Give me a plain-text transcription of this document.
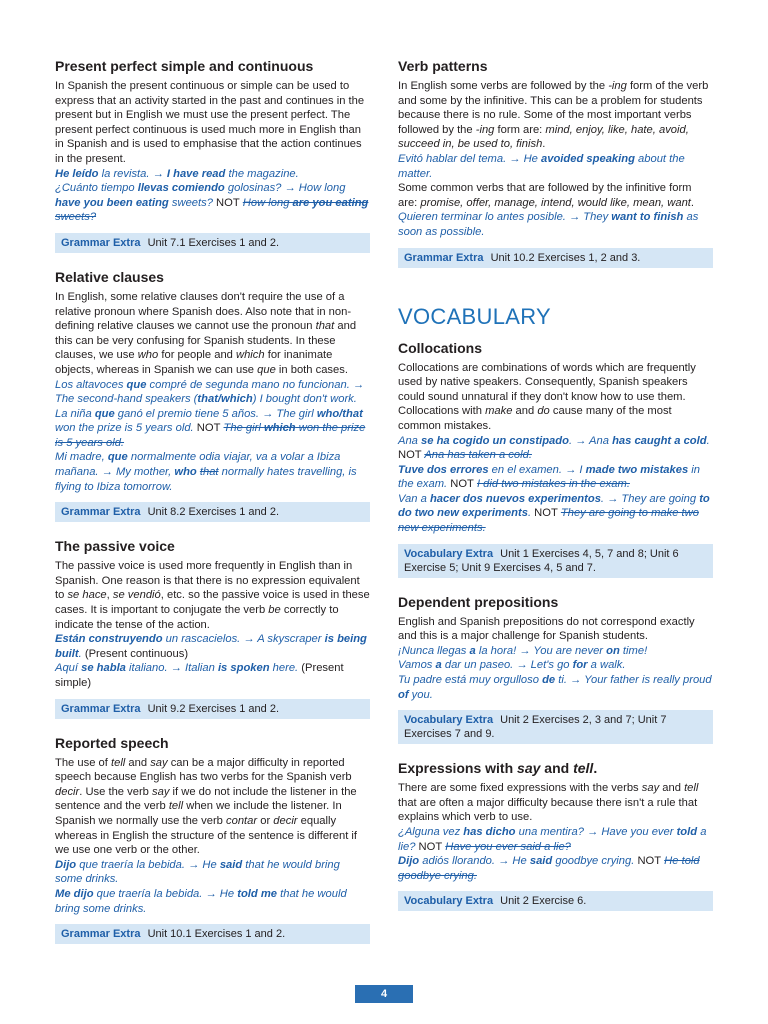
Present perfect simple and continuous

In Spanish the present continuous or simple can be used to express that an activity started in the past and continues in the present but in English we must use the present perfect. The present perfect continuous is used much more in English than in Spanish and is used to emphasise that the action continues in the present.

He leído la revista. → I have read the magazine.

¿Cuánto tiempo llevas comiendo golosinas? → How long have you been eating sweets? NOT How long are you eating sweets?

Grammar Extra Unit 7.1 Exercises 1 and 2.
Relative clauses

In English, some relative clauses don't require the use of a relative pronoun where Spanish does. Also note that in non-defining relative clauses we cannot use the pronoun that and this can be very confusing for Spanish students. In these clauses, we use who for people and which for inanimate objects, whereas in Spanish we can use que in both cases.

Los altavoces que compré de segunda mano no funcionan. → The second-hand speakers (that/which) I bought don't work.

La niña que ganó el premio tiene 5 años. → The girl who/that won the prize is 5 years old. NOT The girl which won the prize is 5 years old.

Mi madre, que normalmente odia viajar, va a volar a Ibiza mañana. → My mother, who that normally hates travelling, is flying to Ibiza tomorrow.

Grammar Extra Unit 8.2 Exercises 1 and 2.
The passive voice

The passive voice is used more frequently in English than in Spanish. One reason is that there is no expression equivalent to se hace, se vendió, etc. so the passive voice is used in these cases. It is important to conjugate the verb be correctly to indicate the tense of the action.

Están construyendo un rascacielos. → A skyscraper is being built. (Present continuous)

Aquí se habla italiano. → Italian is spoken here. (Present simple)

Grammar Extra Unit 9.2 Exercises 1 and 2.
Reported speech

The use of tell and say can be a major difficulty in reported speech because English has two verbs for the Spanish verb decir. Use the verb say if we do not include the listener in the sentence and the verb tell when we include the listener. In Spanish we normally use the verb contar or decir equally whereas in English the structure of the sentence is different if we use one verb or the other.

Dijo que traería la bebida. → He said that he would bring some drinks.

Me dijo que traería la bebida. → He told me that he would bring some drinks.

Grammar Extra Unit 10.1 Exercises 1 and 2.
Verb patterns

In English some verbs are followed by the -ing form of the verb and some by the infinitive. This can be a problem for students because there is no rule. Some of the most important verbs followed by the -ing form are: mind, enjoy, like, hate, avoid, succeed in, be used to, finish.

Evitó hablar del tema. → He avoided speaking about the matter.

Some common verbs that are followed by the infinitive form are: promise, offer, manage, intend, would like, mean, want.

Quieren terminar lo antes posible. → They want to finish as soon as possible.

Grammar Extra Unit 10.2 Exercises 1, 2 and 3.
VOCABULARY
Collocations

Collocations are combinations of words which are frequently used by native speakers. Consequently, Spanish speakers could sound unnatural if they don't know how to use them. Collocations with make and do cause many of the most common mistakes.

Ana se ha cogido un constipado. → Ana has caught a cold. NOT Ana has taken a cold.

Tuve dos errores en el examen. → I made two mistakes in the exam. NOT I did two mistakes in the exam.

Van a hacer dos nuevos experimentos. → They are going to do two new experiments. NOT They are going to make two new experiments.

Vocabulary Extra Unit 1 Exercises 4, 5, 7 and 8; Unit 6 Exercise 5; Unit 9 Exercises 4, 5 and 7.
Dependent prepositions

English and Spanish prepositions do not correspond exactly and this is a major challenge for Spanish students.

¡Nunca llegas a la hora! → You are never on time!

Vamos a dar un paseo. → Let's go for a walk.

Tu padre está muy orgulloso de ti. → Your father is really proud of you.

Vocabulary Extra Unit 2 Exercises 2, 3 and 7; Unit 7 Exercises 7 and 9.
Expressions with say and tell.

There are some fixed expressions with the verbs say and tell that are often a major difficulty because there isn't a rule that explains which verb to use.

¿Alguna vez has dicho una mentira? → Have you ever told a lie? NOT Have you ever said a lie?

Dijo adiós llorando. → He said goodbye crying. NOT He told goodbye crying.

Vocabulary Extra Unit 2 Exercise 6.
4
